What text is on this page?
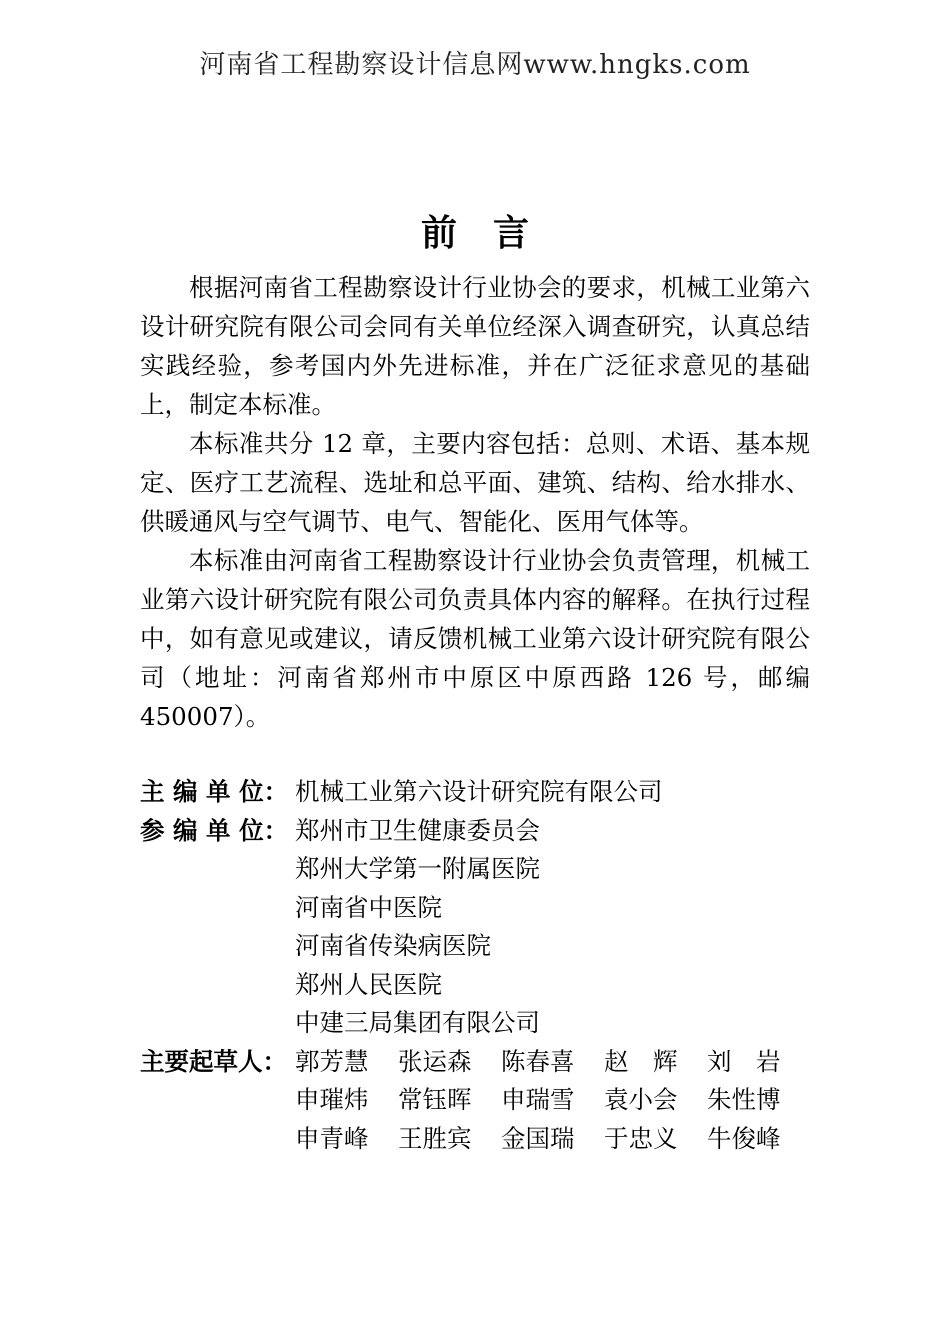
河南省工程勘察设计信息网www.hngks.com
前　言

根据河南省工程勘察设计行业协会的要求，机械工业第六设计研究院有限公司会同有关单位经深入调查研究，认真总结实践经验，参考国内外先进标准，并在广泛征求意见的基础上，制定本标准。

本标准共分 12 章，主要内容包括：总则、术语、基本规定、医疗工艺流程、选址和总平面、建筑、结构、给水排水、供暖通风与空气调节、电气、智能化、医用气体等。

本标准由河南省工程勘察设计行业协会负责管理，机械工业第六设计研究院有限公司负责具体内容的解释。在执行过程中，如有意见或建议，请反馈机械工业第六设计研究院有限公司（地址：河南省郑州市中原区中原西路 126 号，邮编 450007）。

主 编 单 位： 机械工业第六设计研究院有限公司
参 编 单 位： 郑州市卫生健康委员会
郑州大学第一附属医院
河南省中医院
河南省传染病医院
郑州人民医院
中建三局集团有限公司
主要起草人： 郭芳慧	张运森	陈春喜	赵　辉	刘　岩
申璀炜	常钰晖	申瑞雪	袁小会	朱性博
申青峰	王胜宾	金国瑞	于忠义	牛俊峰
